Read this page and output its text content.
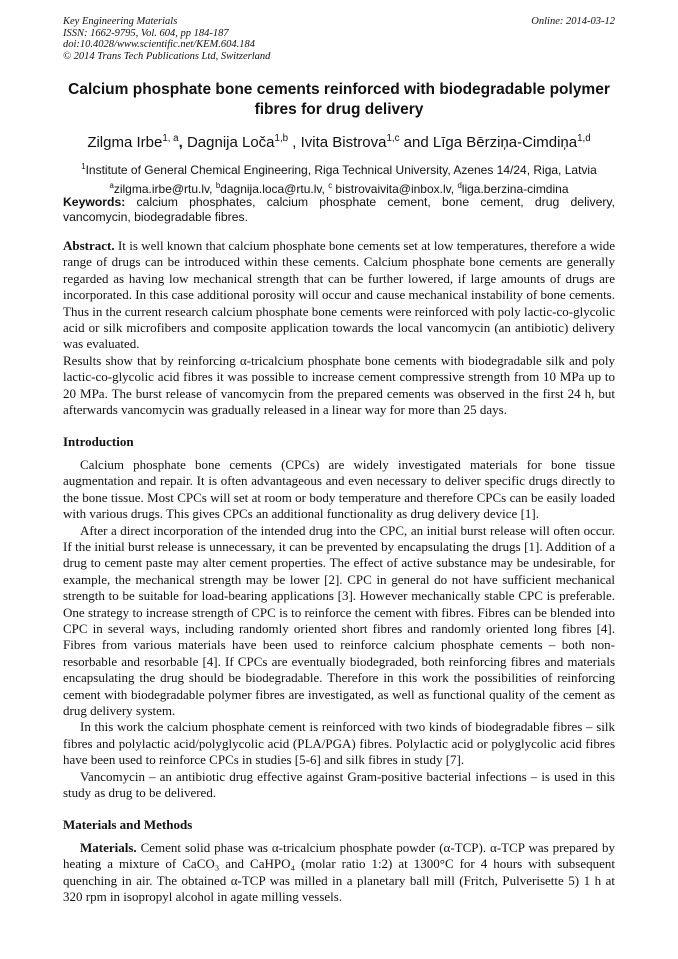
Key Engineering Materials
ISSN: 1662-9795, Vol. 604, pp 184-187
doi:10.4028/www.scientific.net/KEM.604.184
© 2014 Trans Tech Publications Ltd, Switzerland
Online: 2014-03-12
Calcium phosphate bone cements reinforced with biodegradable polymer fibres for drug delivery
Zilgma Irbe$^{1, a}$, Dagnija Loča$^{1,b}$ , Ivita Bistrova$^{1,c}$ and Līga Bērziņa-Cimdiņa$^{1,d}$
$^1$Institute of General Chemical Engineering, Riga Technical University, Azenes 14/24, Riga, Latvia
$^a$zilgma.irbe@rtu.lv, $^b$dagnija.loca@rtu.lv, $^c$ bistrovaivita@inbox.lv, $^d$liga.berzina-cimdina
Keywords: calcium phosphates, calcium phosphate cement, bone cement, drug delivery, vancomycin, biodegradable fibres.

Abstract. It is well known that calcium phosphate bone cements set at low temperatures, therefore a wide range of drugs can be introduced within these cements. Calcium phosphate bone cements are generally regarded as having low mechanical strength that can be further lowered, if large amounts of drugs are incorporated. In this case additional porosity will occur and cause mechanical instability of bone cements. Thus in the current research calcium phosphate bone cements were reinforced with poly lactic-co-glycolic acid or silk microfibers and composite application towards the local vancomycin (an antibiotic) delivery was evaluated.

Results show that by reinforcing α-tricalcium phosphate bone cements with biodegradable silk and poly lactic-co-glycolic acid fibres it was possible to increase cement compressive strength from 10 MPa up to 20 MPa. The burst release of vancomycin from the prepared cements was observed in the first 24 h, but afterwards vancomycin was gradually released in a linear way for more than 25 days.

Introduction

Calcium phosphate bone cements (CPCs) are widely investigated materials for bone tissue augmentation and repair. It is often advantageous and even necessary to deliver specific drugs directly to the bone tissue. Most CPCs will set at room or body temperature and therefore CPCs can be easily loaded with various drugs. This gives CPCs an additional functionality as drug delivery device [1].

After a direct incorporation of the intended drug into the CPC, an initial burst release will often occur. If the initial burst release is unnecessary, it can be prevented by encapsulating the drugs [1]. Addition of a drug to cement paste may alter cement properties. The effect of active substance may be undesirable, for example, the mechanical strength may be lower [2]. CPC in general do not have sufficient mechanical strength to be suitable for load-bearing applications [3]. However mechanically stable CPC is preferable. One strategy to increase strength of CPC is to reinforce the cement with fibres. Fibres can be blended into CPC in several ways, including randomly oriented short fibres and randomly oriented long fibres [4]. Fibres from various materials have been used to reinforce calcium phosphate cements – both non-resorbable and resorbable [4]. If CPCs are eventually biodegraded, both reinforcing fibres and materials encapsulating the drug should be biodegradable. Therefore in this work the possibilities of reinforcing cement with biodegradable polymer fibres are investigated, as well as functional quality of the cement as drug delivery system.

In this work the calcium phosphate cement is reinforced with two kinds of biodegradable fibres – silk fibres and polylactic acid/polyglycolic acid (PLA/PGA) fibres. Polylactic acid or polyglycolic acid fibres have been used to reinforce CPCs in studies [5-6] and silk fibres in study [7].

Vancomycin – an antibiotic drug effective against Gram-positive bacterial infections – is used in this study as drug to be delivered.

Materials and Methods

Materials. Cement solid phase was α-tricalcium phosphate powder (α-TCP). α-TCP was prepared by heating a mixture of CaCO₃ and CaHPO₄ (molar ratio 1:2) at 1300°C for 4 hours with subsequent quenching in air. The obtained α-TCP was milled in a planetary ball mill (Fritch, Pulverisette 5) 1 h at 320 rpm in isopropyl alcohol in agate milling vessels.
